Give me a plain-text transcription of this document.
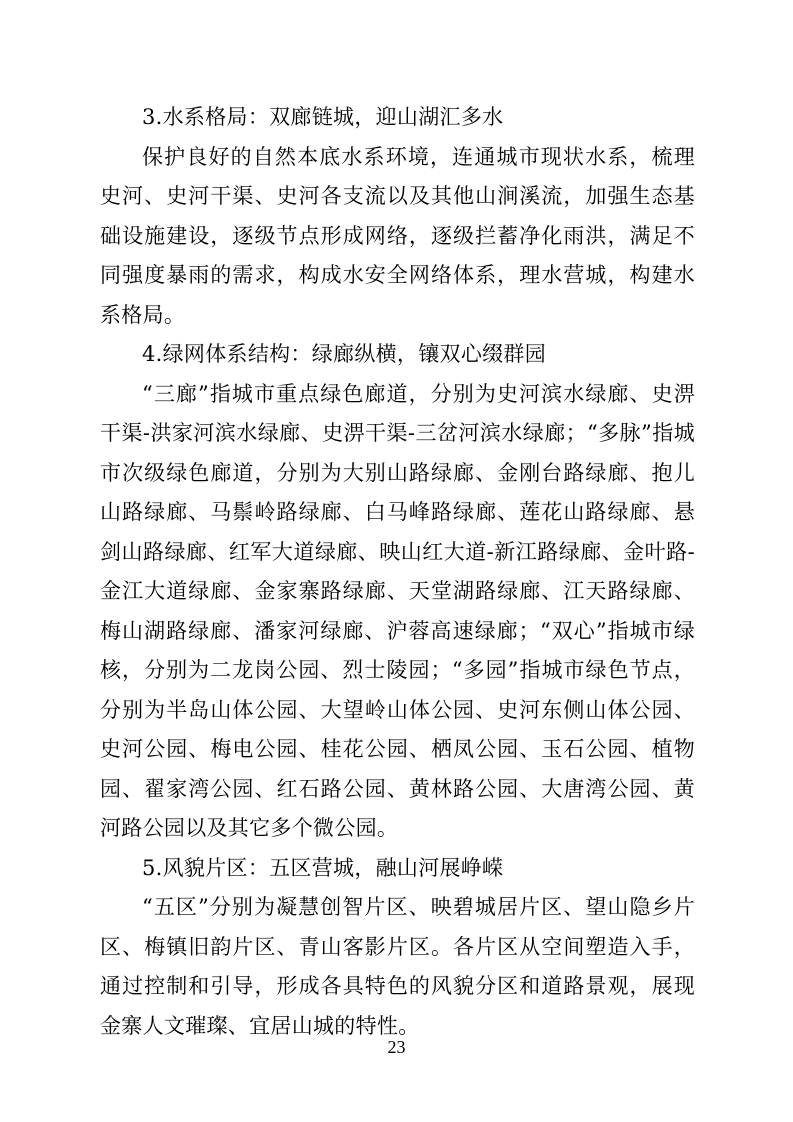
3.水系格局：双廊链城，迎山湖汇多水

保护良好的自然本底水系环境，连通城市现状水系，梳理史河、史河干渠、史河各支流以及其他山涧溪流，加强生态基础设施建设，逐级节点形成网络，逐级拦蓄净化雨洪，满足不同强度暴雨的需求，构成水安全网络体系，理水营城，构建水系格局。

4.绿网体系结构：绿廊纵横，镶双心缀群园

“三廊”指城市重点绿色廊道，分别为史河滨水绿廊、史淠干渠-洪家河滨水绿廊、史淠干渠-三岔河滨水绿廊；“多脉”指城市次级绿色廊道，分别为大别山路绿廊、金刚台路绿廊、抱儿山路绿廊、马鬃岭路绿廊、白马峰路绿廊、莲花山路绿廊、悬剑山路绿廊、红军大道绿廊、映山红大道-新江路绿廊、金叶路-金江大道绿廊、金家寨路绿廊、天堂湖路绿廊、江天路绿廊、梅山湖路绿廊、潘家河绿廊、沪蓉高速绿廊；“双心”指城市绿核，分别为二龙岗公园、烈士陵园；“多园”指城市绿色节点，分别为半岛山体公园、大望岭山体公园、史河东侧山体公园、史河公园、梅电公园、桂花公园、栖凤公园、玉石公园、植物园、翟家湾公园、红石路公园、黄林路公园、大唐湾公园、黄河路公园以及其它多个微公园。

5.风貌片区：五区营城，融山河展峥嵘

“五区”分别为凝慧创智片区、映碧城居片区、望山隐乡片区、梅镇旧韵片区、青山客影片区。各片区从空间塑造入手，通过控制和引导，形成各具特色的风貌分区和道路景观，展现金寨人文璀璨、宜居山城的特性。

23
